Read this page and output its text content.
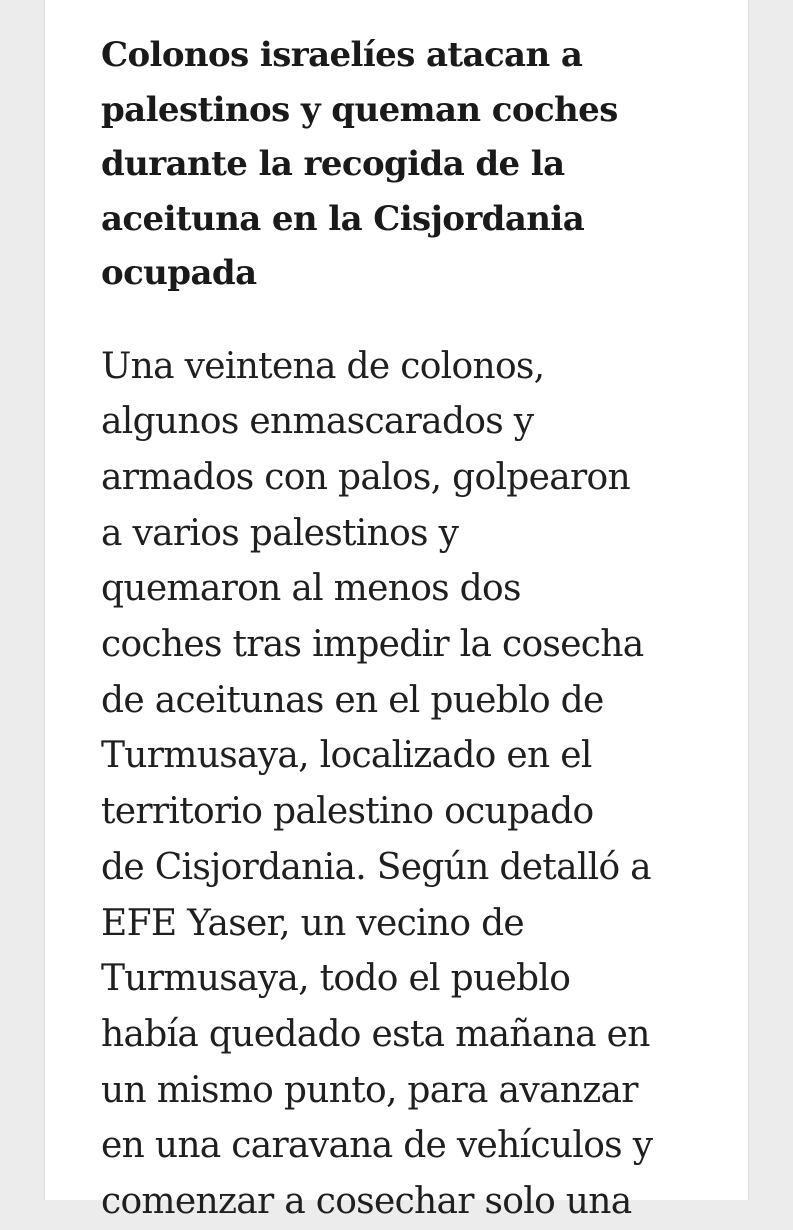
Colonos israelíes atacan a
palestinos y queman coches
durante la recogida de la
aceituna en la Cisjordania
ocupada

Una veintena de colonos,
algunos enmascarados y
armados con palos, golpearon
a varios palestinos y
quemaron al menos dos
coches tras impedir la cosecha
de aceitunas en el pueblo de
Turmusaya, localizado en el
territorio palestino ocupado
de Cisjordania. Según detalló a
EFE Yaser, un vecino de
Turmusaya, todo el pueblo
había quedado esta mañana en
un mismo punto, para avanzar
en una caravana de vehículos y
comenzar a cosechar solo una
